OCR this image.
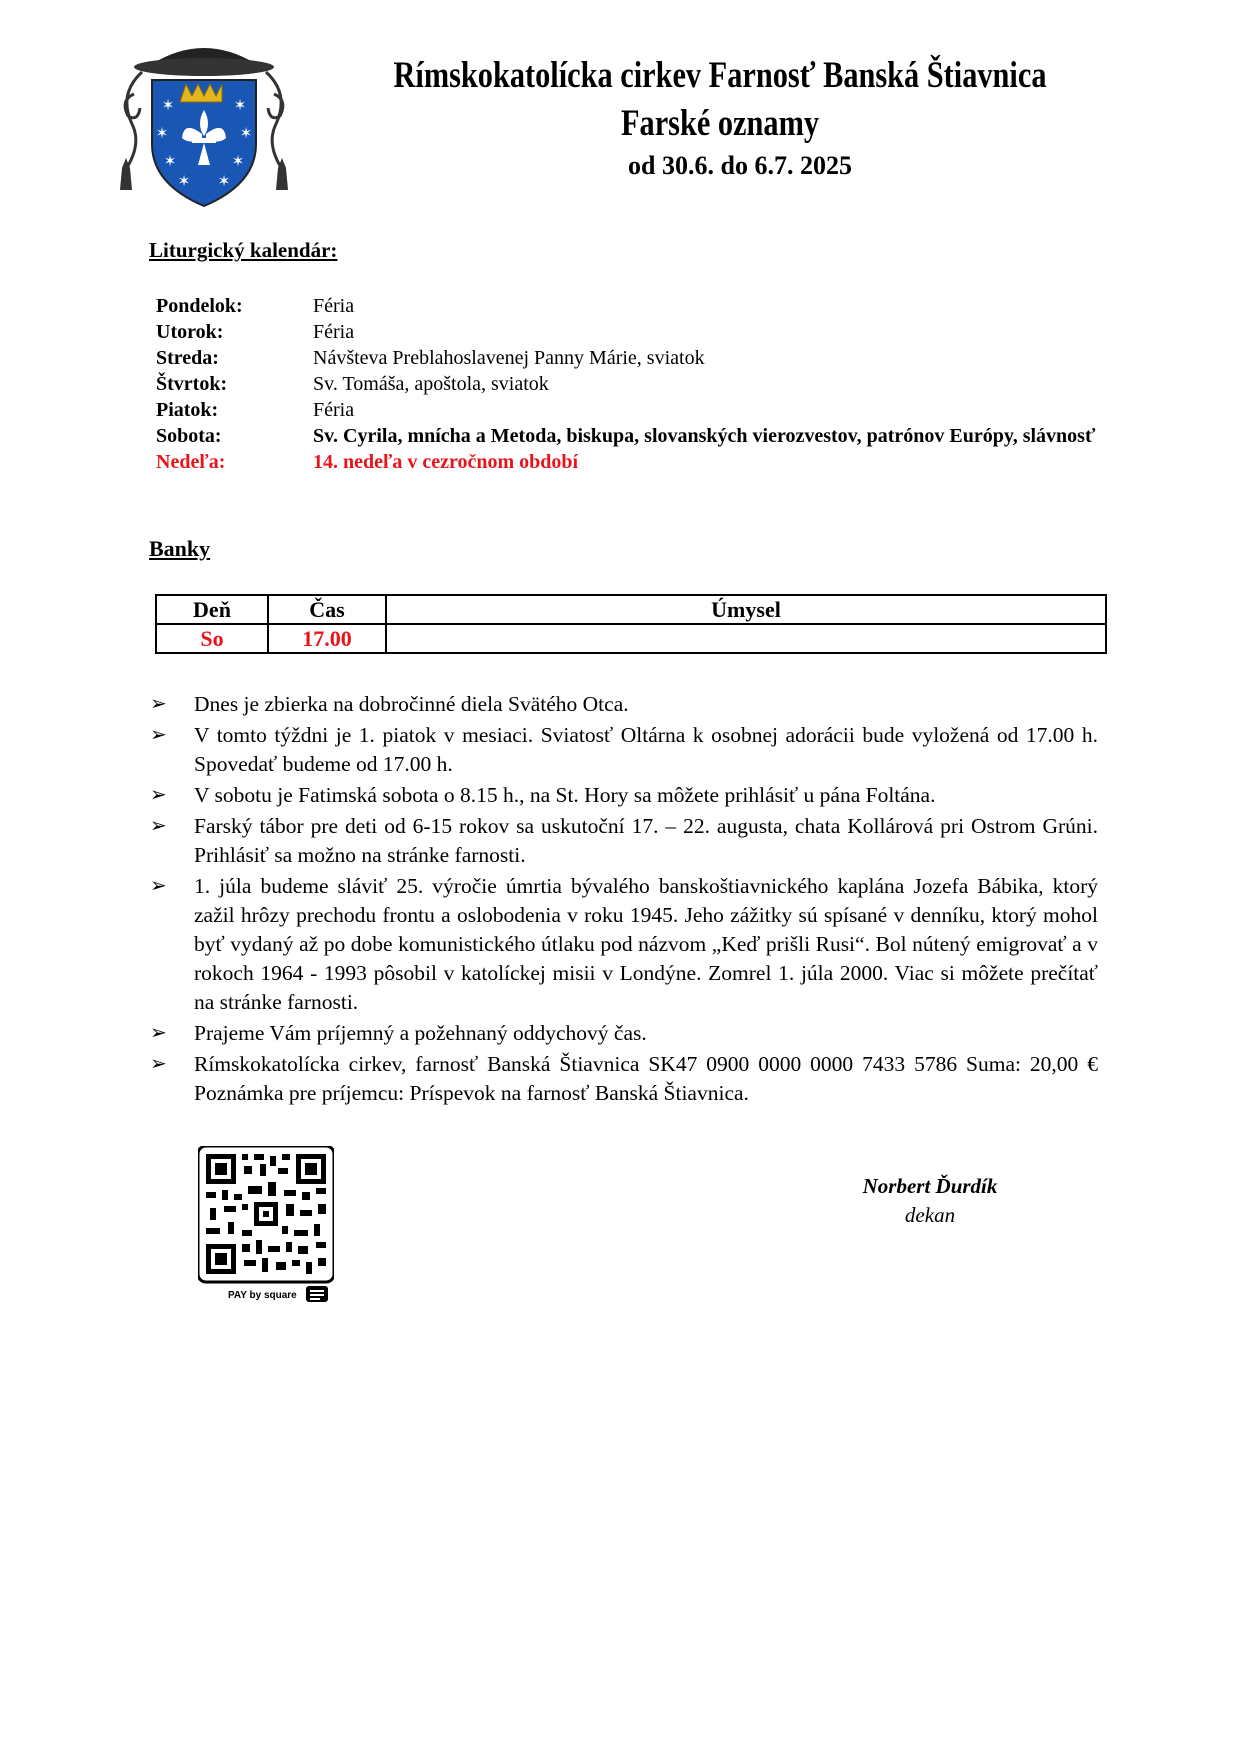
✶	✶
✶	✶
✶	✶
✶ ✶
Rímskokatolícka cirkev Farnosť Banská Štiavnica
Farské oznamy
od 30.6. do 6.7. 2025
Liturgický kalendár:
Pondelok:	Féria
Utorok:	Féria
Streda:	Návšteva Preblahoslavenej Panny Márie, sviatok
Štvrtok:	Sv. Tomáša, apoštola, sviatok
Piatok:	Féria
Sobota:	Sv. Cyrila, mnícha a Metoda, biskupa, slovanských vierozvestov, patrónov Európy, slávnosť
Nedeľa:	14. nedeľa v cezročnom období
Banky
Deň	Čas	Úmysel
So	17.00	
➢	Dnes je zbierka na dobročinné diela Svätého Otca.
➢	V tomto týždni je 1. piatok v mesiaci. Sviatosť Oltárna k osobnej adorácii bude vyložená od 17.00 h. Spovedať budeme od 17.00 h.
➢	V sobotu je Fatimská sobota o 8.15 h., na St. Hory sa môžete prihlásiť u pána Foltána.
➢	Farský tábor pre deti od 6-15 rokov sa uskutoční 17. – 22. augusta, chata Kollárová pri Ostrom Grúni. Prihlásiť sa možno na stránke farnosti.
➢	1. júla budeme sláviť 25. výročie úmrtia bývalého banskoštiavnického kaplána Jozefa Bábika, ktorý zažil hrôzy prechodu frontu a oslobodenia v roku 1945. Jeho zážitky sú spísané v denníku, ktorý mohol byť vydaný až po dobe komunistického útlaku pod názvom „Keď prišli Rusi“. Bol nútený emigrovať a v rokoch 1964 - 1993 pôsobil v katolíckej misii v Londýne. Zomrel 1. júla 2000. Viac si môžete prečítať na stránke farnosti.
➢	Prajeme Vám príjemný a požehnaný oddychový čas.
➢	Rímskokatolícka cirkev, farnosť Banská Štiavnica SK47 0900 0000 0000 7433 5786 Suma: 20,00 € Poznámka pre príjemcu: Príspevok na farnosť Banská Štiavnica.
PAY by square
Norbert Ďurdík
dekan
